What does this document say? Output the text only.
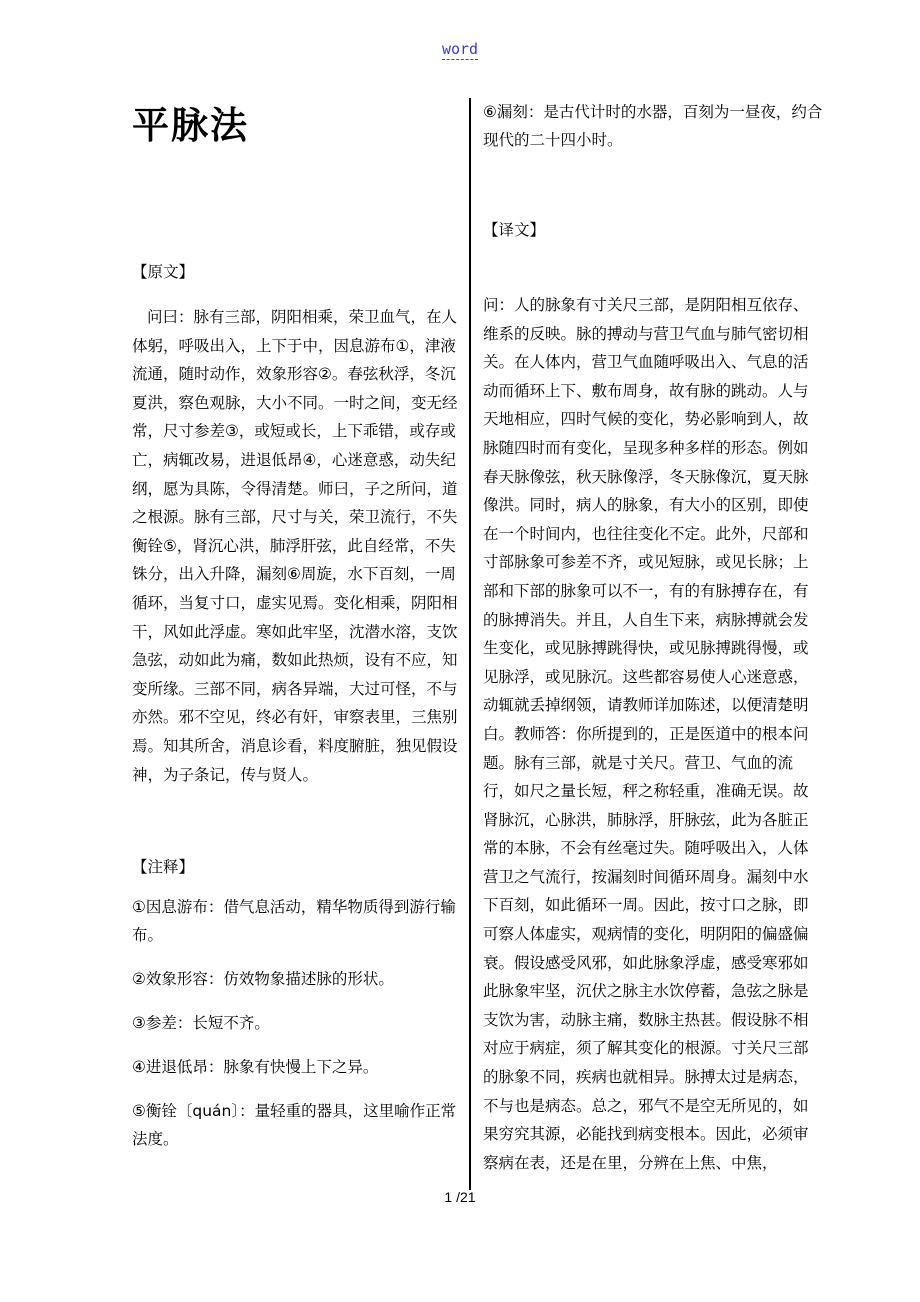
word
平脉法
【原文】

问曰：脉有三部，阴阳相乘，荣卫血气，在人体躬，呼吸出入，上下于中，因息游布①，津液流通，随时动作，效象形容②。春弦秋浮，冬沉夏洪，察色观脉，大小不同。一时之间，变无经常，尺寸参差③，或短或长，上下乖错，或存或亡，病辄改易，进退低昂④，心迷意惑，动失纪纲，愿为具陈，令得清楚。师曰，子之所问，道之根源。脉有三部，尺寸与关，荣卫流行，不失衡铨⑤，肾沉心洪，肺浮肝弦，此自经常，不失铢分，出入升降，漏刻⑥周旋，水下百刻，一周循环，当复寸口，虚实见焉。变化相乘，阴阳相干，风如此浮虚。寒如此牢坚，沈潜水溶，支饮急弦，动如此为痛，数如此热烦，设有不应，知变所缘。三部不同，病各异端，大过可怪，不与亦然。邪不空见，终必有奸，审察表里，三焦别焉。知其所舍，消息诊看，料度腑脏，独见假设神，为子条记，传与贤人。

【注释】
①因息游布：借气息活动，精华物质得到游行输布。
②效象形容：仿效物象描述脉的形状。
③参差：长短不齐。
④进退低昂：脉象有快慢上下之异。
⑤衡铨〔quán〕：量轻重的器具，这里喻作正常法度。
⑥漏刻：是古代计时的水器，百刻为一昼夜，约合现代的二十四小时。
【译文】

问：人的脉象有寸关尺三部，是阴阳相互依存、维系的反映。脉的搏动与营卫气血与肺气密切相关。在人体内，营卫气血随呼吸出入、气息的活动而循环上下、敷布周身，故有脉的跳动。人与天地相应，四时气候的变化，势必影响到人，故脉随四时而有变化，呈现多种多样的形态。例如春天脉像弦，秋天脉像浮，冬天脉像沉，夏天脉像洪。同时，病人的脉象，有大小的区别，即使在一个时间内，也往往变化不定。此外，尺部和寸部脉象可参差不齐，或见短脉，或见长脉；上部和下部的脉象可以不一，有的有脉搏存在，有的脉搏消失。并且，人自生下来，病脉搏就会发生变化，或见脉搏跳得快，或见脉搏跳得慢，或见脉浮，或见脉沉。这些都容易使人心迷意惑，动辄就丢掉纲领，请教师详加陈述，以便清楚明白。教师答：你所提到的，正是医道中的根本问题。脉有三部，就是寸关尺。营卫、气血的流行，如尺之量长短，秤之称轻重，准确无误。故肾脉沉，心脉洪，肺脉浮，肝脉弦，此为各脏正常的本脉，不会有丝毫过失。随呼吸出入，人体营卫之气流行，按漏刻时间循环周身。漏刻中水下百刻，如此循环一周。因此，按寸口之脉，即可察人体虚实，观病情的变化，明阴阳的偏盛偏衰。假设感受风邪，如此脉象浮虚，感受寒邪如此脉象牢坚，沉伏之脉主水饮停蓄，急弦之脉是支饮为害，动脉主痛，数脉主热甚。假设脉不相对应于病症，须了解其变化的根源。寸关尺三部的脉象不同，疾病也就相异。脉搏太过是病态，不与也是病态。总之，邪气不是空无所见的，如果穷究其源，必能找到病变根本。因此，必须审察病在表，还是在里，分辨在上焦、中焦，

1 /21
